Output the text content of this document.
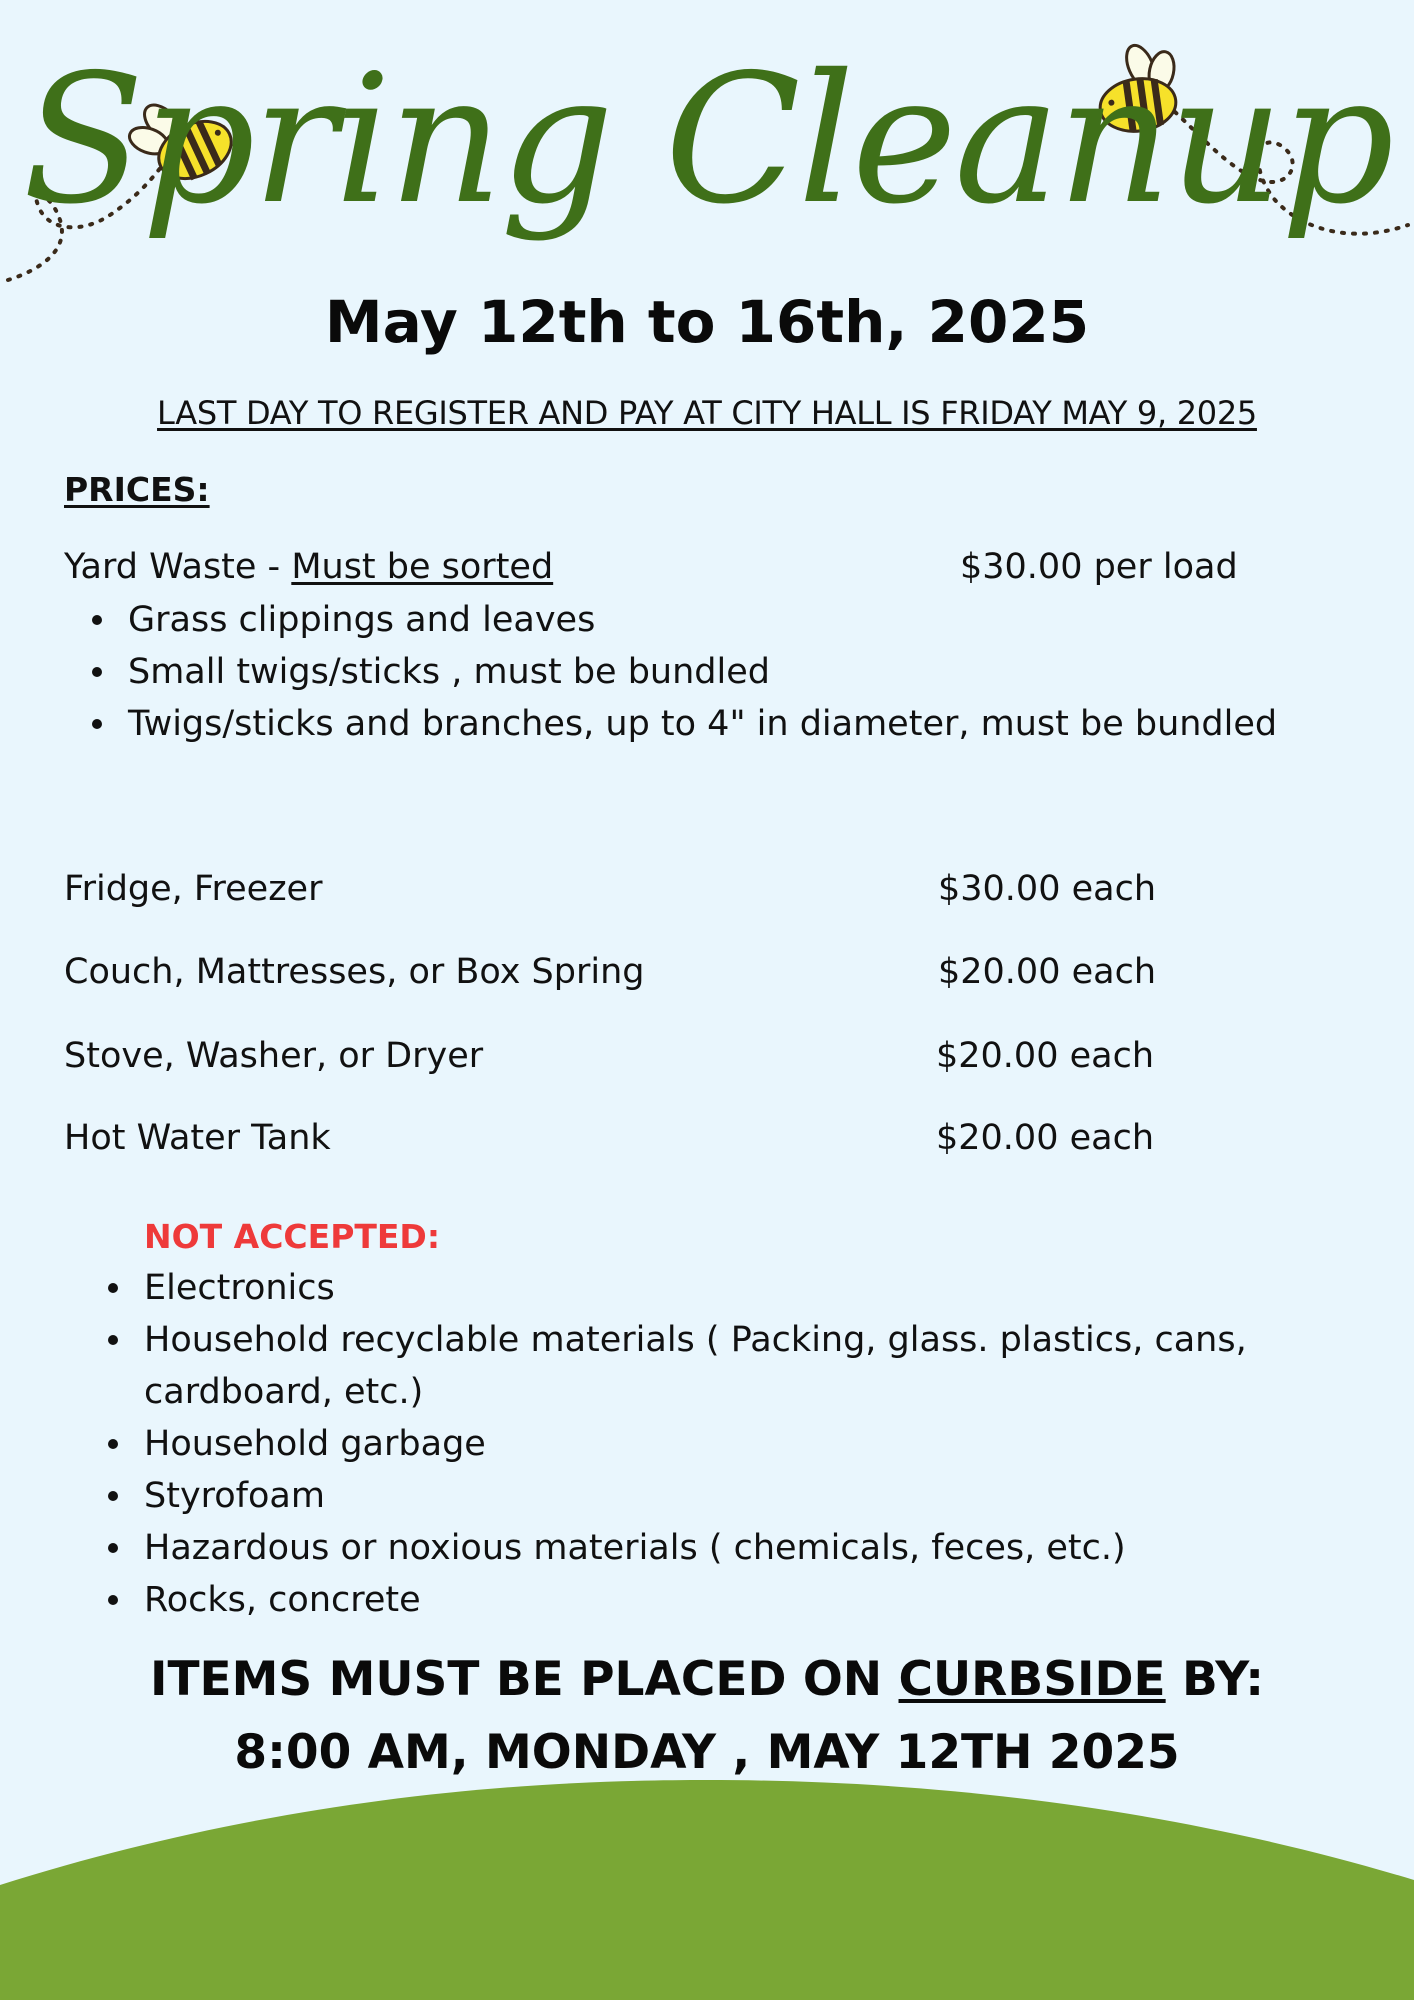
Spring Cleanup
May 12th to 16th, 2025
LAST DAY TO REGISTER AND PAY AT CITY HALL IS FRIDAY MAY 9, 2025
PRICES:
Yard Waste - Must be sorted	$30.00 per load
Grass clippings and leaves
Small twigs/sticks , must be bundled
Twigs/sticks and branches, up to 4" in diameter, must be bundled
Fridge, Freezer	$30.00 each
Couch, Mattresses, or Box Spring	$20.00 each
Stove, Washer, or Dryer	$20.00 each
Hot Water Tank	$20.00 each
NOT ACCEPTED:
Electronics
Household recyclable materials ( Packing, glass. plastics, cans, cardboard, etc.)
Household garbage
Styrofoam
Hazardous or noxious materials ( chemicals, feces, etc.)
Rocks, concrete
ITEMS MUST BE PLACED ON CURBSIDE BY:
8:00 AM, MONDAY , MAY 12TH 2025
